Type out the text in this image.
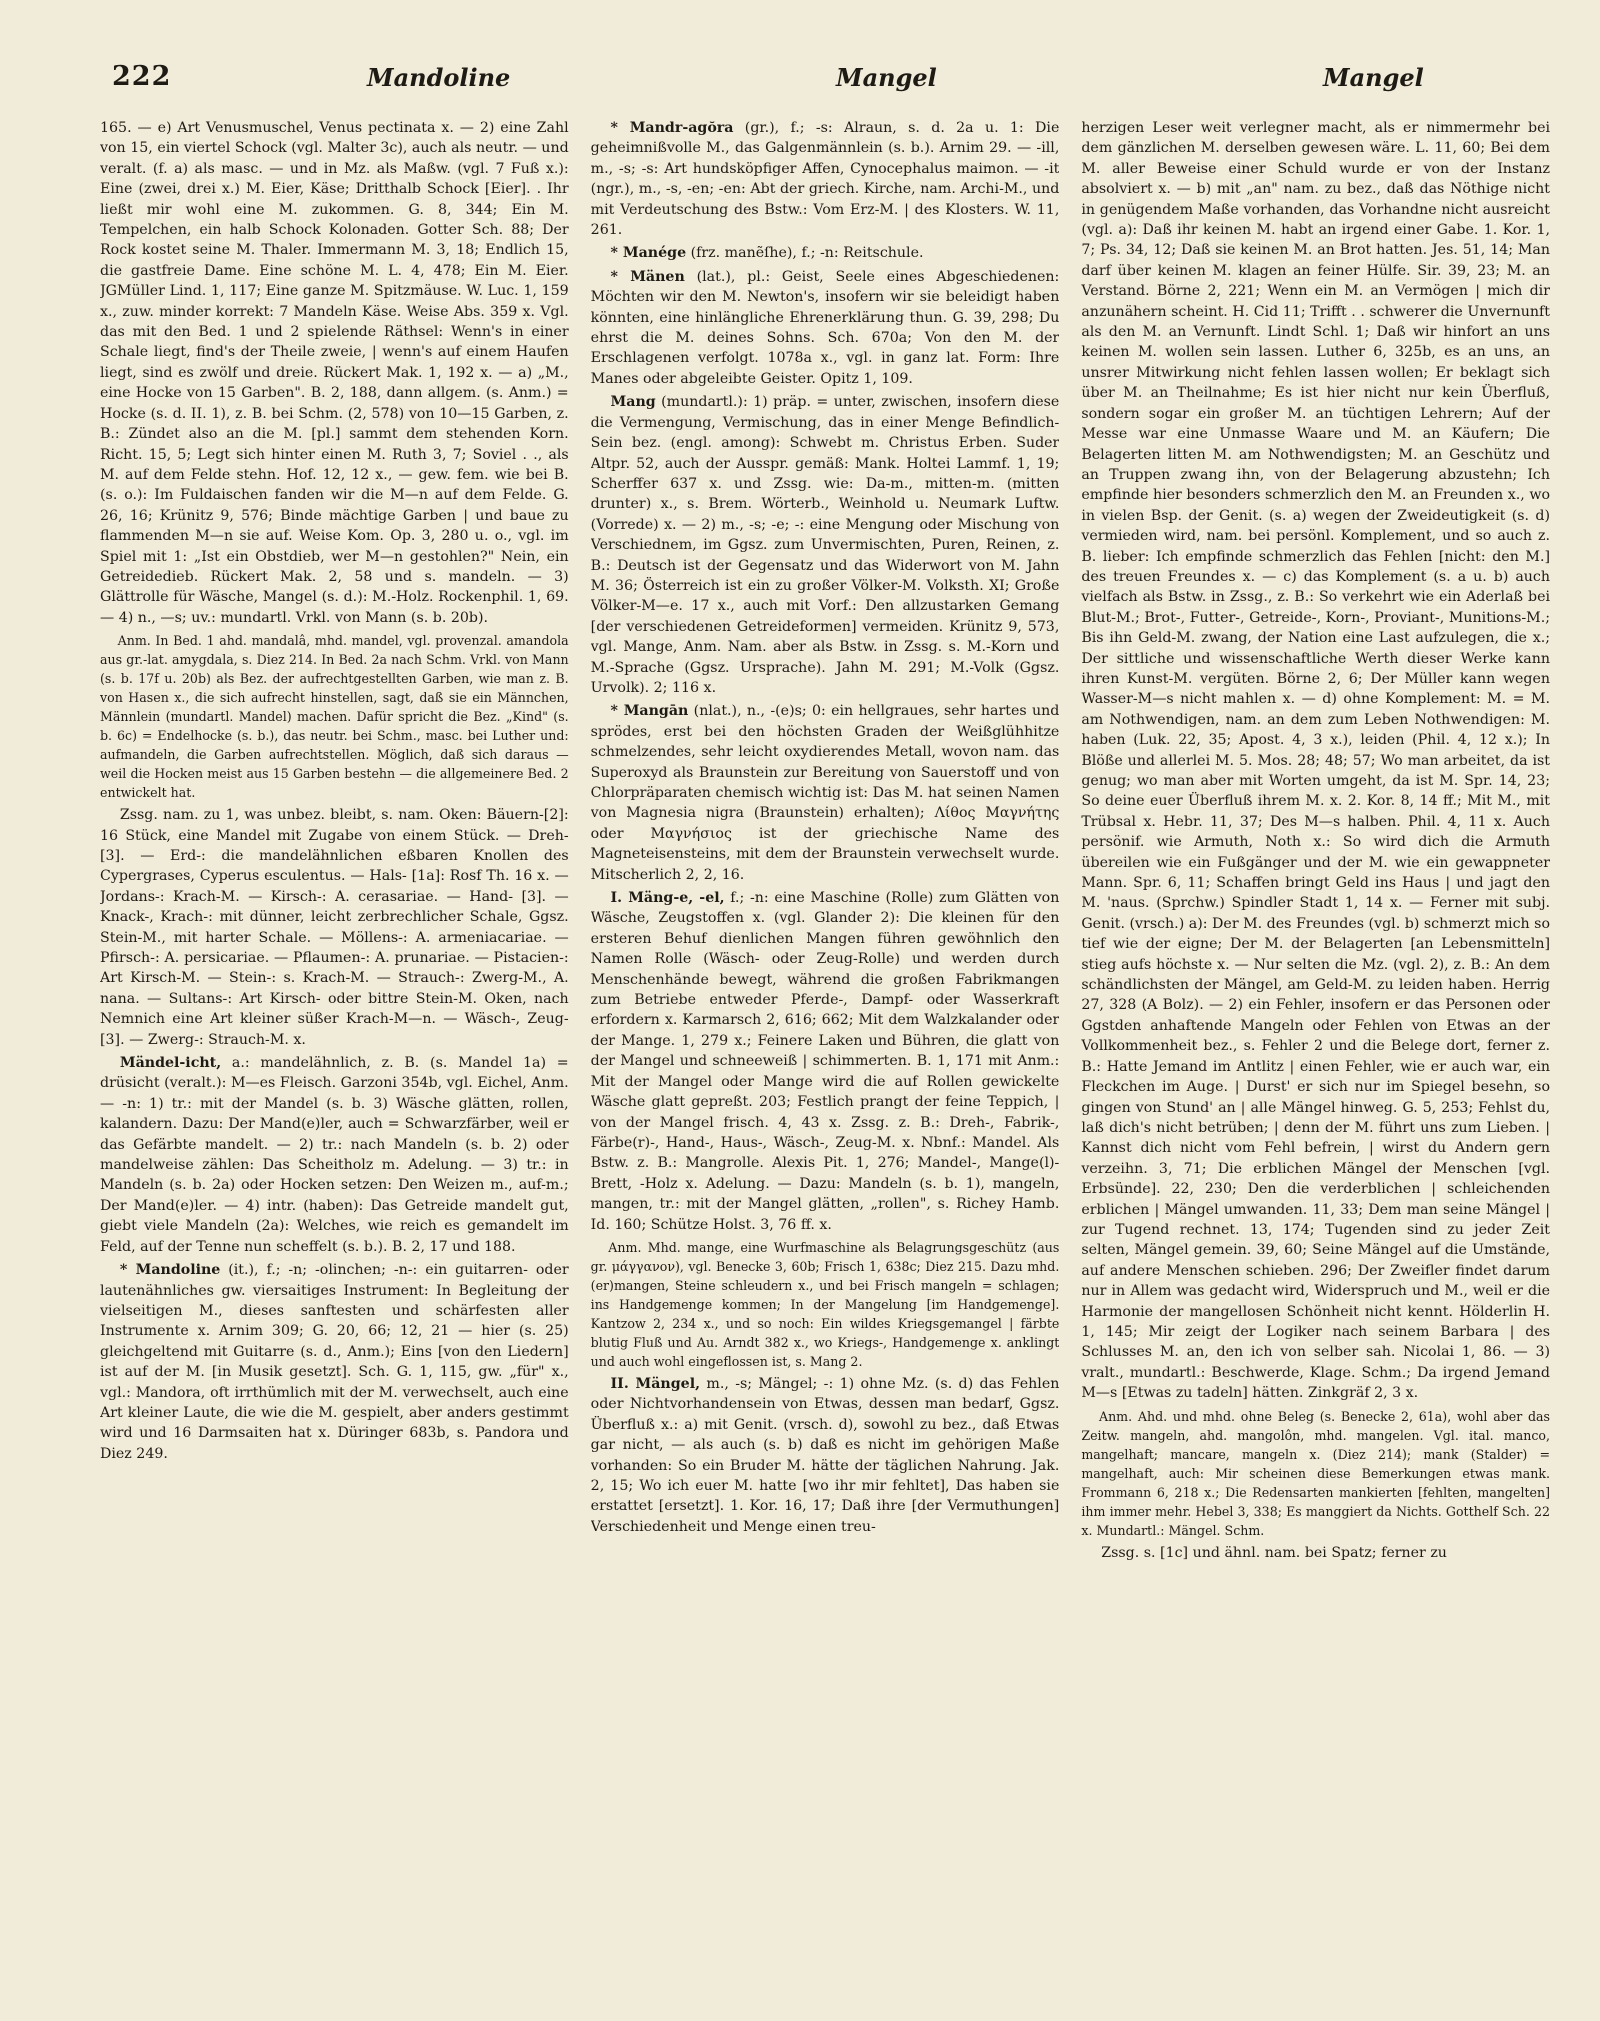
222	Mandoline	Mangel	Mangel

165. — e) Art Venusmuschel, Venus pectinata x. — 2) eine Zahl von 15, ein viertel Schock (vgl. Malter 3c), auch als neutr. — und veralt. (f. a) als masc. — und in Mz. als Maßw. (vgl. 7 Fuß x.): Eine (zwei, drei x.) M. Eier, Käse; Dritthalb Schock [Eier]. . Ihr ließt mir wohl eine M. zukommen. G. 8, 344; Ein M. Tempelchen, ein halb Schock Kolonaden. Gotter Sch. 88; Der Rock kostet seine M. Thaler. Immermann M. 3, 18; Endlich 15, die gastfreie Dame. Eine schöne M. L. 4, 478; Ein M. Eier. JGMüller Lind. 1, 117; Eine ganze M. Spitzmäuse. W. Luc. 1, 159 x., zuw. minder korrekt: 7 Mandeln Käse. Weise Abs. 359 x. Vgl. das mit den Bed. 1 und 2 spielende Räthsel: Wenn's in einer Schale liegt, find's der Theile zweie, | wenn's auf einem Haufen liegt, sind es zwölf und dreie. Rückert Mak. 1, 192 x. — a) „M., eine Hocke von 15 Garben". B. 2, 188, dann allgem. (s. Anm.) = Hocke (s. d. II. 1), z. B. bei Schm. (2, 578) von 10—15 Garben, z. B.: Zündet also an die M. [pl.] sammt dem stehenden Korn. Richt. 15, 5; Legt sich hinter einen M. Ruth 3, 7; Soviel . ., als M. auf dem Felde stehn. Hof. 12, 12 x., — gew. fem. wie bei B. (s. o.): Im Fuldaischen fanden wir die M—n auf dem Felde. G. 26, 16; Krünitz 9, 576; Binde mächtige Garben | und baue zu flammenden M—n sie auf. Weise Kom. Op. 3, 280 u. o., vgl. im Spiel mit 1: „Ist ein Obstdieb, wer M—n gestohlen?" Nein, ein Getreidedieb. Rückert Mak. 2, 58 und s. mandeln. — 3) Glättrolle für Wäsche, Mangel (s. d.): M.-Holz. Rockenphil. 1, 69. — 4) n., —s; uv.: mundartl. Vrkl. von Mann (s. b. 20b).

Anm. In Bed. 1 ahd. mandalâ, mhd. mandel, vgl. provenzal. amandola aus gr.-lat. amygdala, s. Diez 214. In Bed. 2a nach Schm. Vrkl. von Mann (s. b. 17f u. 20b) als Bez. der aufrechtgestellten Garben, wie man z. B. von Hasen x., die sich aufrecht hinstellen, sagt, daß sie ein Männchen, Männlein (mundartl. Mandel) machen. Dafür spricht die Bez. „Kind" (s. b. 6c) = Endelhocke (s. b.), das neutr. bei Schm., masc. bei Luther und: aufmandeln, die Garben aufrechtstellen. Möglich, daß sich daraus — weil die Hocken meist aus 15 Garben bestehn — die allgemeinere Bed. 2 entwickelt hat.

Zssg. nam. zu 1, was unbez. bleibt, s. nam. Oken: Bäuern-[2]: 16 Stück, eine Mandel mit Zugabe von einem Stück. — Dreh- [3]. — Erd-: die mandelähnlichen eßbaren Knollen des Cypergrases, Cyperus esculentus. — Hals- [1a]: Rosf Th. 16 x. — Jordans-: Krach-M. — Kirsch-: A. cerasariae. — Hand- [3]. — Knack-, Krach-: mit dünner, leicht zerbrechlicher Schale, Ggsz. Stein-M., mit harter Schale. — Möllens-: A. armeniacariae. — Pfirsch-: A. persicariae. — Pflaumen-: A. prunariae. — Pistacien-: Art Kirsch-M. — Stein-: s. Krach-M. — Strauch-: Zwerg-M., A. nana. — Sultans-: Art Kirsch- oder bittre Stein-M. Oken, nach Nemnich eine Art kleiner süßer Krach-M—n. — Wäsch-, Zeug- [3]. — Zwerg-: Strauch-M. x.

Mändel-icht, a.: mandelähnlich, z. B. (s. Mandel 1a) = drüsicht (veralt.): M—es Fleisch. Garzoni 354b, vgl. Eichel, Anm. — -n: 1) tr.: mit der Mandel (s. b. 3) Wäsche glätten, rollen, kalandern. Dazu: Der Mand(e)ler, auch = Schwarzfärber, weil er das Gefärbte mandelt. — 2) tr.: nach Mandeln (s. b. 2) oder mandelweise zählen: Das Scheitholz m. Adelung. — 3) tr.: in Mandeln (s. b. 2a) oder Hocken setzen: Den Weizen m., auf-m.; Der Mand(e)ler. — 4) intr. (haben): Das Getreide mandelt gut, giebt viele Mandeln (2a): Welches, wie reich es gemandelt im Feld, auf der Tenne nun scheffelt (s. b.). B. 2, 17 und 188.

* Mandoline (it.), f.; -n; -olinchen; -n-: ein guitarren- oder lautenähnliches gw. viersaitiges Instrument: In Begleitung der vielseitigen M., dieses sanftesten und schärfesten aller Instrumente x. Arnim 309; G. 20, 66; 12, 21 — hier (s. 25) gleichgeltend mit Guitarre (s. d., Anm.); Eins [von den Liedern] ist auf der M. [in Musik gesetzt]. Sch. G. 1, 115, gw. „für" x., vgl.: Mandora, oft irrthümlich mit der M. verwechselt, auch eine Art kleiner Laute, die wie die M. gespielt, aber anders gestimmt wird und 16 Darmsaiten hat x. Düringer 683b, s. Pandora und Diez 249.

* Mandr-agŏra (gr.), f.; -s: Alraun, s. d. 2a u. 1: Die geheimnißvolle M., das Galgenmännlein (s. b.). Arnim 29. — -ill, m., -s; -s: Art hundsköpfiger Affen, Cynocephalus maimon. — -it (ngr.), m., -s, -en; -en: Abt der griech. Kirche, nam. Archi-M., und mit Verdeutschung des Bstw.: Vom Erz-M. | des Klosters. W. 11, 261.

* Manége (frz. manẽſhe), f.; -n: Reitschule.

* Mänen (lat.), pl.: Geist, Seele eines Abgeschiedenen: Möchten wir den M. Newton's, insofern wir sie beleidigt haben könnten, eine hinlängliche Ehrenerklärung thun. G. 39, 298; Du ehrst die M. deines Sohns. Sch. 670a; Von den M. der Erschlagenen verfolgt. 1078a x., vgl. in ganz lat. Form: Ihre Manes oder abgeleibte Geister. Opitz 1, 109.

Mang (mundartl.): 1) präp. = unter, zwischen, insofern diese die Vermengung, Vermischung, das in einer Menge Befindlich-Sein bez. (engl. among): Schwebt m. Christus Erben. Suder Altpr. 52, auch der Ausspr. gemäß: Mank. Holtei Lammf. 1, 19; Scherffer 637 x. und Zssg. wie: Da-m., mitten-m. (mitten drunter) x., s. Brem. Wörterb., Weinhold u. Neumark Luftw. (Vorrede) x. — 2) m., -s; -e; -: eine Mengung oder Mischung von Verschiednem, im Ggsz. zum Unvermischten, Puren, Reinen, z. B.: Deutsch ist der Gegensatz und das Widerwort von M. Jahn M. 36; Österreich ist ein zu großer Völker-M. Volksth. XI; Große Völker-M—e. 17 x., auch mit Vorf.: Den allzustarken Gemang [der verschiedenen Getreideformen] vermeiden. Krünitz 9, 573, vgl. Mange, Anm. Nam. aber als Bstw. in Zssg. s. M.-Korn und M.-Sprache (Ggsz. Ursprache). Jahn M. 291; M.-Volk (Ggsz. Urvolk). 2; 116 x.

* Mangān (nlat.), n., -(e)s; 0: ein hellgraues, sehr hartes und sprödes, erst bei den höchsten Graden der Weißglühhitze schmelzendes, sehr leicht oxydierendes Metall, wovon nam. das Superoxyd als Braunstein zur Bereitung von Sauerstoff und von Chlorpräparaten chemisch wichtig ist: Das M. hat seinen Namen von Magnesia nigra (Braunstein) erhalten); Λίθος Μαγνήτης oder Μαγνήσιος ist der griechische Name des Magneteisensteins, mit dem der Braunstein verwechselt wurde. Mitscherlich 2, 2, 16.

I. Mäng-e, -el, f.; -n: eine Maschine (Rolle) zum Glätten von Wäsche, Zeugstoffen x. (vgl. Glander 2): Die kleinen für den ersteren Behuf dienlichen Mangen führen gewöhnlich den Namen Rolle (Wäsch- oder Zeug-Rolle) und werden durch Menschenhände bewegt, während die großen Fabrikmangen zum Betriebe entweder Pferde-, Dampf- oder Wasserkraft erfordern x. Karmarsch 2, 616; 662; Mit dem Walzkalander oder der Mange. 1, 279 x.; Feinere Laken und Bühren, die glatt von der Mangel und schneeweiß | schimmerten. B. 1, 171 mit Anm.: Mit der Mangel oder Mange wird die auf Rollen gewickelte Wäsche glatt gepreßt. 203; Festlich prangt der feine Teppich, | von der Mangel frisch. 4, 43 x. Zssg. z. B.: Dreh-, Fabrik-, Färbe(r)-, Hand-, Haus-, Wäsch-, Zeug-M. x. Nbnf.: Mandel. Als Bstw. z. B.: Mangrolle. Alexis Pit. 1, 276; Mandel-, Mange(l)-Brett, -Holz x. Adelung. — Dazu: Mandeln (s. b. 1), mangeln, mangen, tr.: mit der Mangel glätten, „rollen", s. Richey Hamb. Id. 160; Schütze Holst. 3, 76 ff. x.

Anm. Mhd. mange, eine Wurfmaschine als Belagrungsgeschütz (aus gr. μάγγανον), vgl. Benecke 3, 60b; Frisch 1, 638c; Diez 215. Dazu mhd. (er)mangen, Steine schleudern x., und bei Frisch mangeln = schlagen; ins Handgemenge kommen; In der Mangelung [im Handgemenge]. Kantzow 2, 234 x., und so noch: Ein wildes Kriegsgemangel | färbte blutig Fluß und Au. Arndt 382 x., wo Kriegs-, Handgemenge x. anklingt und auch wohl eingeflossen ist, s. Mang 2.

II. Mängel, m., -s; Mängel; -: 1) ohne Mz. (s. d) das Fehlen oder Nichtvorhandensein von Etwas, dessen man bedarf, Ggsz. Überfluß x.: a) mit Genit. (vrsch. d), sowohl zu bez., daß Etwas gar nicht, — als auch (s. b) daß es nicht im gehörigen Maße vorhanden: So ein Bruder M. hätte der täglichen Nahrung. Jak. 2, 15; Wo ich euer M. hatte [wo ihr mir fehltet], Das haben sie erstattet [ersetzt]. 1. Kor. 16, 17; Daß ihre [der Vermuthungen] Verschiedenheit und Menge einen treu-

herzigen Leser weit verlegner macht, als er nimmermehr bei dem gänzlichen M. derselben gewesen wäre. L. 11, 60; Bei dem M. aller Beweise einer Schuld wurde er von der Instanz absolviert x. — b) mit „an" nam. zu bez., daß das Nöthige nicht in genügendem Maße vorhanden, das Vorhandne nicht ausreicht (vgl. a): Daß ihr keinen M. habt an irgend einer Gabe. 1. Kor. 1, 7; Ps. 34, 12; Daß sie keinen M. an Brot hatten. Jes. 51, 14; Man darf über keinen M. klagen an feiner Hülfe. Sir. 39, 23; M. an Verstand. Börne 2, 221; Wenn ein M. an Vermögen | mich dir anzunähern scheint. H. Cid 11; Trifft . . schwerer die Unvernunft als den M. an Vernunft. Lindt Schl. 1; Daß wir hinfort an uns keinen M. wollen sein lassen. Luther 6, 325b, es an uns, an unsrer Mitwirkung nicht fehlen lassen wollen; Er beklagt sich über M. an Theilnahme; Es ist hier nicht nur kein Überfluß, sondern sogar ein großer M. an tüchtigen Lehrern; Auf der Messe war eine Unmasse Waare und M. an Käufern; Die Belagerten litten M. am Nothwendigsten; M. an Geschütz und an Truppen zwang ihn, von der Belagerung abzustehn; Ich empfinde hier besonders schmerzlich den M. an Freunden x., wo in vielen Bsp. der Genit. (s. a) wegen der Zweideutigkeit (s. d) vermieden wird, nam. bei persönl. Komplement, und so auch z. B. lieber: Ich empfinde schmerzlich das Fehlen [nicht: den M.] des treuen Freundes x. — c) das Komplement (s. a u. b) auch vielfach als Bstw. in Zssg., z. B.: So verkehrt wie ein Aderlaß bei Blut-M.; Brot-, Futter-, Getreide-, Korn-, Proviant-, Munitions-M.; Bis ihn Geld-M. zwang, der Nation eine Last aufzulegen, die x.; Der sittliche und wissenschaftliche Werth dieser Werke kann ihren Kunst-M. vergüten. Börne 2, 6; Der Müller kann wegen Wasser-M—s nicht mahlen x. — d) ohne Komplement: M. = M. am Nothwendigen, nam. an dem zum Leben Nothwendigen: M. haben (Luk. 22, 35; Apost. 4, 3 x.), leiden (Phil. 4, 12 x.); In Blöße und allerlei M. 5. Mos. 28; 48; 57; Wo man arbeitet, da ist genug; wo man aber mit Worten umgeht, da ist M. Spr. 14, 23; So deine euer Überfluß ihrem M. x. 2. Kor. 8, 14 ff.; Mit M., mit Trübsal x. Hebr. 11, 37; Des M—s halben. Phil. 4, 11 x. Auch persönif. wie Armuth, Noth x.: So wird dich die Armuth übereilen wie ein Fußgänger und der M. wie ein gewappneter Mann. Spr. 6, 11; Schaffen bringt Geld ins Haus | und jagt den M. 'naus. (Sprchw.) Spindler Stadt 1, 14 x. — Ferner mit subj. Genit. (vrsch.) a): Der M. des Freundes (vgl. b) schmerzt mich so tief wie der eigne; Der M. der Belagerten [an Lebensmitteln] stieg aufs höchste x. — Nur selten die Mz. (vgl. 2), z. B.: An dem schändlichsten der Mängel, am Geld-M. zu leiden haben. Herrig 27, 328 (A Bolz). — 2) ein Fehler, insofern er das Personen oder Ggstden anhaftende Mangeln oder Fehlen von Etwas an der Vollkommenheit bez., s. Fehler 2 und die Belege dort, ferner z. B.: Hatte Jemand im Antlitz | einen Fehler, wie er auch war, ein Fleckchen im Auge. | Durst' er sich nur im Spiegel besehn, so gingen von Stund' an | alle Mängel hinweg. G. 5, 253; Fehlst du, laß dich's nicht betrüben; | denn der M. führt uns zum Lieben. | Kannst dich nicht vom Fehl befrein, | wirst du Andern gern verzeihn. 3, 71; Die erblichen Mängel der Menschen [vgl. Erbsünde]. 22, 230; Den die verderblichen | schleichenden erblichen | Mängel umwanden. 11, 33; Dem man seine Mängel | zur Tugend rechnet. 13, 174; Tugenden sind zu jeder Zeit selten, Mängel gemein. 39, 60; Seine Mängel auf die Umstände, auf andere Menschen schieben. 296; Der Zweifler findet darum nur in Allem was gedacht wird, Widerspruch und M., weil er die Harmonie der mangellosen Schönheit nicht kennt. Hölderlin H. 1, 145; Mir zeigt der Logiker nach seinem Barbara | des Schlusses M. an, den ich von selber sah. Nicolai 1, 86. — 3) vralt., mundartl.: Beschwerde, Klage. Schm.; Da irgend Jemand M—s [Etwas zu tadeln] hätten. Zinkgräf 2, 3 x.

Anm. Ahd. und mhd. ohne Beleg (s. Benecke 2, 61a), wohl aber das Zeitw. mangeln, ahd. mangolôn, mhd. mangelen. Vgl. ital. manco, mangelhaft; mancare, mangeln x. (Diez 214); mank (Stalder) = mangelhaft, auch: Mir scheinen diese Bemerkungen etwas mank. Frommann 6, 218 x.; Die Redensarten mankierten [fehlten, mangelten] ihm immer mehr. Hebel 3, 338; Es manggiert da Nichts. Gotthelf Sch. 22 x. Mundartl.: Mängel. Schm.

Zssg. s. [1c] und ähnl. nam. bei Spatz; ferner zu
